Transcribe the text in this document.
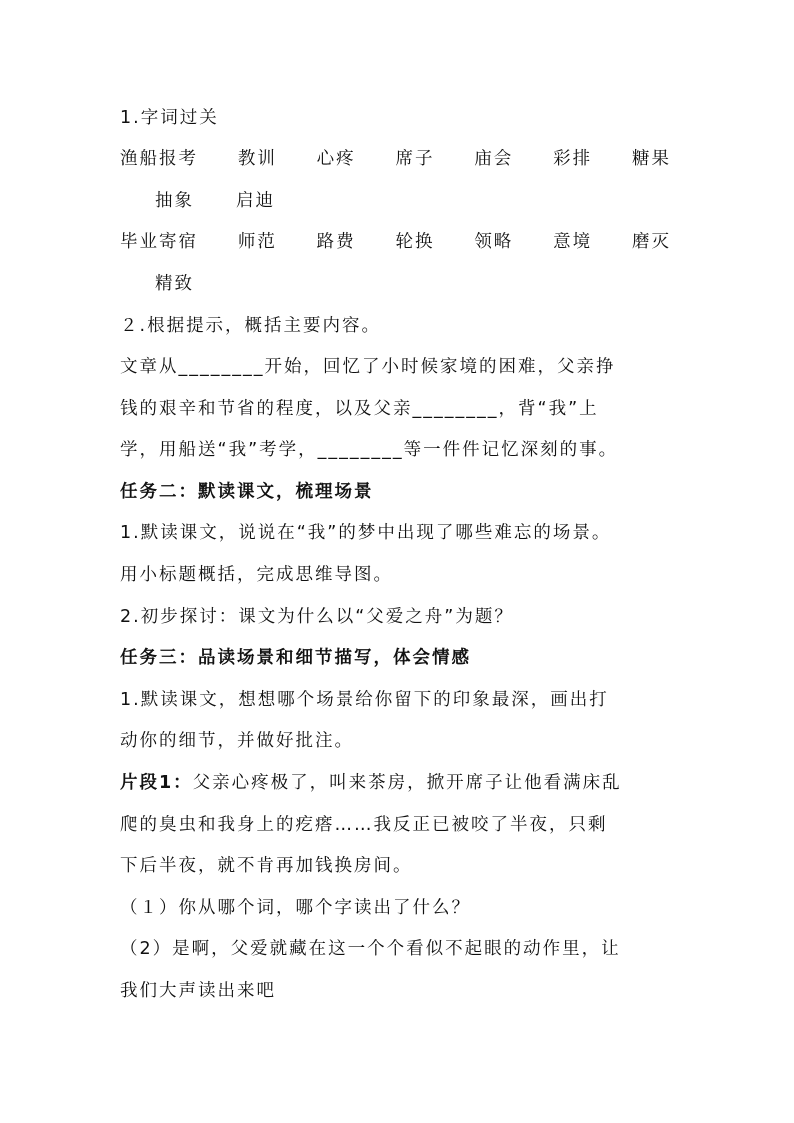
1.字词过关
渔船报考 教训 心疼 席子 庙会 彩排 糖果
抽象 启迪
毕业寄宿 师范 路费 轮换 领略 意境 磨灭
精致
２.根据提示，概括主要内容。
文章从________开始，回忆了小时候家境的困难，父亲挣
钱的艰辛和节省的程度，以及父亲________，背“我”上
学，用船送“我”考学，________等一件件记忆深刻的事。
任务二：默读课文，梳理场景
1.默读课文，说说在“我”的梦中出现了哪些难忘的场景。
用小标题概括，完成思维导图。
2.初步探讨：课文为什么以“父爱之舟”为题？
任务三：品读场景和细节描写，体会情感
1.默读课文，想想哪个场景给你留下的印象最深，画出打
动你的细节，并做好批注。
片段1：父亲心疼极了，叫来茶房，掀开席子让他看满床乱
爬的臭虫和我身上的疙瘩……我反正已被咬了半夜，只剩
下后半夜，就不肯再加钱换房间。
（１）你从哪个词，哪个字读出了什么？
（2）是啊，父爱就藏在这一个个看似不起眼的动作里，让
我们大声读出来吧
